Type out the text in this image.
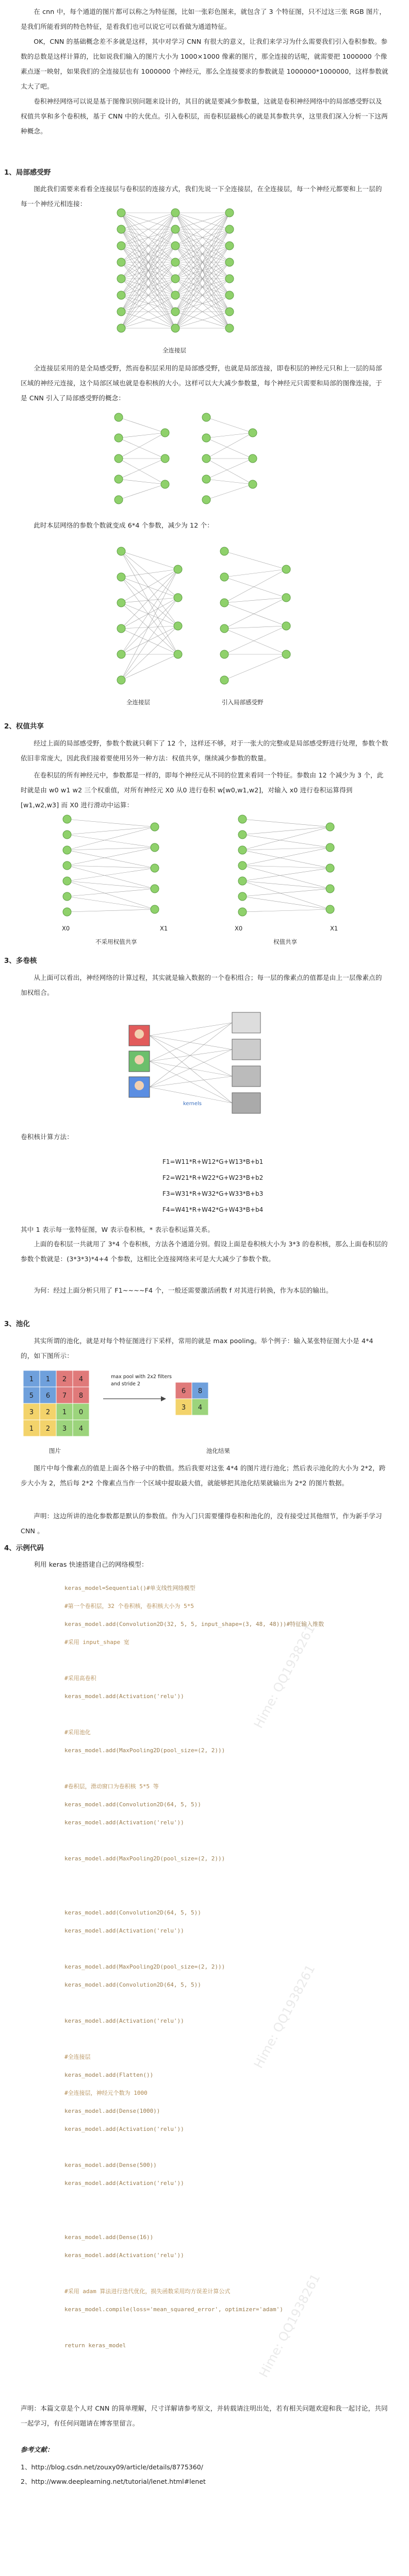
在 cnn 中，每个通道的图片都可以称之为特征图，比如一张彩色图来，就包含了 3 个特征图，只不过这三张 RGB 图片，是我们所能看到的特色特征，是看我们也可以说它可以看做为通道特征。

OK，CNN 的基础概念差不多就是这样，其中对学习 CNN 有很大的意义，让我们来学习为什么需要我们引入卷积参数。参数的总数是这样计算的，比如说我们输入的图片大小为 1000×1000 像素的图片，那全连接的话呢，就需要把 1000000 个像素点逐一映射，如果我们的全连接层也有 1000000 个神经元，那么全连接要求的参数就是 1000000*1000000，这样参数就太大了吧。

卷积神经网络可以说是基于图像识别问题来设计的，其目的就是要减少参数量，这就是卷积神经网络中的局部感受野以及权值共享和多个卷积核，基于 CNN 中的大优点。引入卷积层，而卷积层最核心的就是其参数共享，这里我们深入分析一下这两种概念。

1、局部感受野

图此我们需要来看看全连接层与卷积层的连接方式，我们先说一下全连接层，在全连接层，每一个神经元都要和上一层的每一个神经元相连接：

全连接层

全连接层采用的是全局感受野，然而卷积层采用的是局部感受野，也就是局部连接，即卷积层的神经元只和上一层的局部区域的神经元连接，这个局部区域也就是卷积核的大小。这样可以大大减少参数量，每个神经元只需要和局部的图像连接，于是 CNN 引入了局部感受野的概念：

此时本层网络的参数个数就变成 6*4 个参数，减少为 12 个：

全连接层	引入局部感受野
2、权值共享

经过上面的局部感受野，参数个数就只剩下了 12 个，这样还不够，对于一张大的完整或是局部感受野进行处理，参数个数依旧非常庞大，因此我们接着要使用另外一种方法：权值共享，继续减少参数的数量。

在卷积层的所有神经元中，参数都是一样的，即每个神经元从不同的位置来看同一个特征。参数由 12 个减少为 3 个，此时就是由 w0 w1 w2 三个权重值，对所有神经元 X0 从0 进行卷积 w[w0,w1,w2]，对输入 x0 进行卷积运算得到 [w1,w2,w3] 而 X0 进行滑动中运算：

X0	X1	X0	X1
不采用权值共享	权值共享
3、多卷核

从上面可以看出，神经网络的计算过程，其实就是输入数据的一个卷积组合；每一层的像素点的值都是由上一层像素点的加权组合。

kernels

卷积核计算方法：

F1=W11*R+W12*G+W13*B+b1
F2=W21*R+W22*G+W23*B+b2
F3=W31*R+W32*G+W33*B+b3
F4=W41*R+W42*G+W43*B+b4

其中 1 表示每一张特征图，W 表示卷积核，* 表示卷积运算关系。

上面的卷积层一共就用了 3*4 个卷积核，方法各个通道分别。假设上面是卷积核大小为 3*3 的卷积核，那么上面卷积层的参数个数就是：(3*3*3)*4+4 个参数，这相比全连接网络来可是大大减少了参数个数。

为何：经过上面分析只用了 F1~~~~F4 个，一般还需要激活函数 f 对其进行转换，作为本层的输出。

3、池化

其实所谓的池化，就是对每个特征图进行下采样，常用的就是 max pooling。举个例子：输入某张特征图大小是 4*4 的，如下图所示：

1 1 2 4
5 6 7 8
3 2 1 0
1 2 3 4
max pool with 2x2 filters
and stride 2
6 8
3 4
图片	池化结果

图片中每个像素点的值是上面各个格子中的数值。然后我要对这张 4*4 的图片进行池化；然后表示池化的大小为 2*2，跨步大小为 2，然后每 2*2 个像素点当作一个区域中提取最大值，就能够把其池化结果就输出为 2*2 的图片数据。

声明：这边所讲的池化参数都是默认的参数值。作为入门只需要懂得卷积和池化的，没有接受过其他细节，作为新手学习 CNN 。

4、示例代码

利用 keras 快速搭建自己的网络模型：

keras_model=Sequential()#单支线性网络模型
#第一个卷积层，32 个卷积核，卷积核大小为 5*5
keras_model.add(Convolution2D(32, 5, 5, input_shape=(3, 48, 48)))#特征输入维数
#采用 input_shape 宽
#采用高卷积
keras_model.add(Activation('relu'))
#采用池化
keras_model.add(MaxPooling2D(pool_size=(2, 2)))
#卷积层，滑动窗口为卷积核 5*5 等
keras_model.add(Convolution2D(64, 5, 5))
keras_model.add(Activation('relu'))
keras_model.add(MaxPooling2D(pool_size=(2, 2)))
keras_model.add(Convolution2D(64, 5, 5))
keras_model.add(Activation('relu'))
keras_model.add(MaxPooling2D(pool_size=(2, 2)))
keras_model.add(Convolution2D(64, 5, 5))
keras_model.add(Activation('relu'))
#全连接层
keras_model.add(Flatten())
#全连接层，神经元个数为 1000
keras_model.add(Dense(1000))
keras_model.add(Activation('relu'))
keras_model.add(Dense(500))
keras_model.add(Activation('relu'))
keras_model.add(Dense(16))
keras_model.add(Activation('relu'))
#采用 adam 算法进行迭代优化，损失函数采用均方误差计算公式
keras_model.compile(loss='mean_squared_error', optimizer='adam')
return keras_model

声明：本篇文章是个人对 CNN 的简单理解，尺寸详解请参考原文，并转载请注明出处，若有相关问题欢迎和我一起讨论，共同一起学习，有任何问题请在博客里留言。

参考文献：

1、http://blog.csdn.net/zouxy09/article/details/8775360/
2、http://www.deeplearning.net/tutorial/lenet.html#lenet
Hime: QQ1938261
Hime: QQ1938261
Hime: QQ1938261
